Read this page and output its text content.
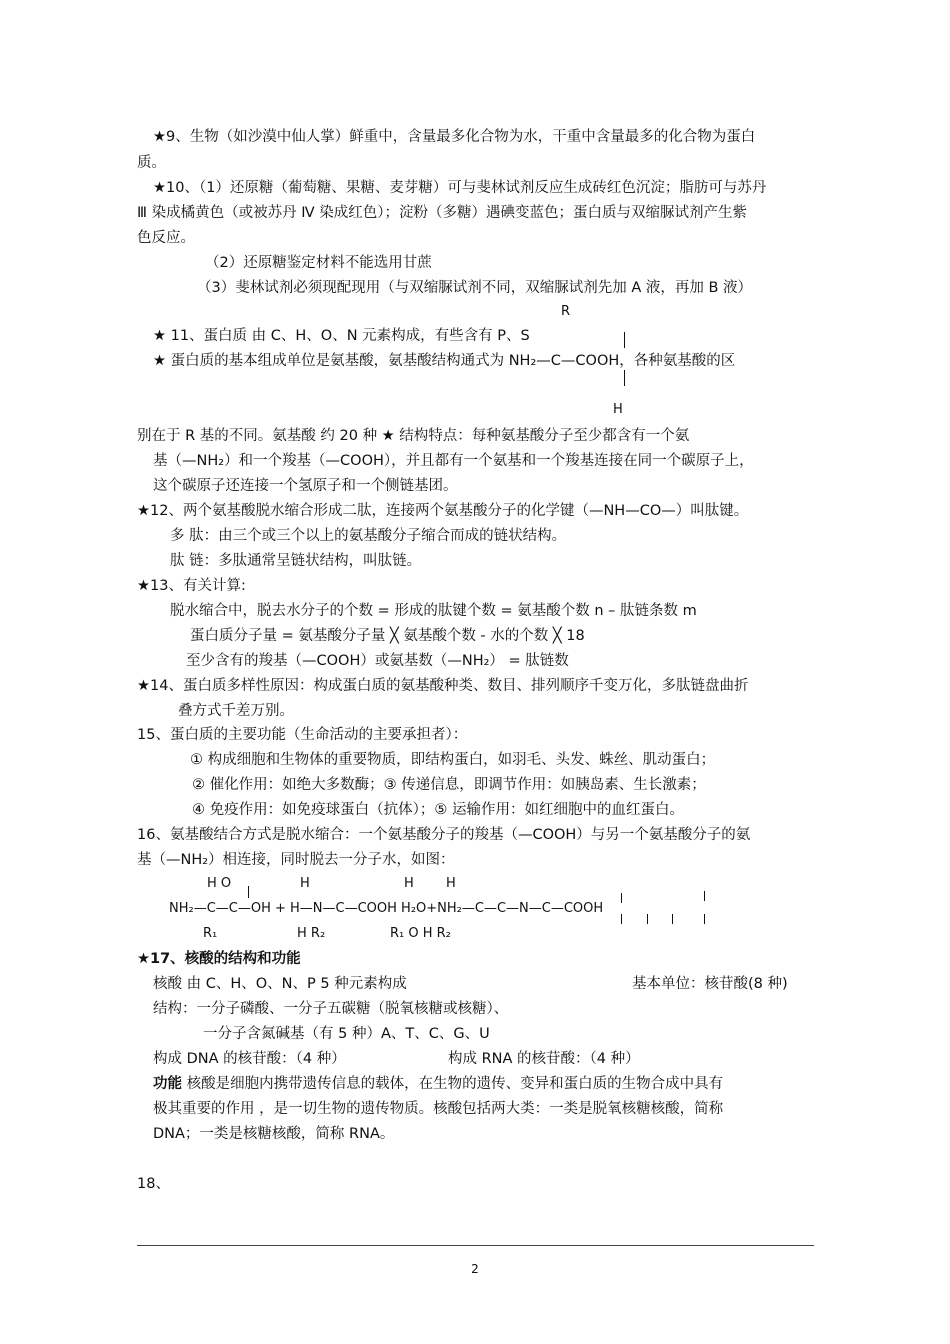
★9、生物（如沙漠中仙人掌）鲜重中，含量最多化合物为水，干重中含量最多的化合物为蛋白
质。
★10、（1）还原糖（葡萄糖、果糖、麦芽糖）可与斐林试剂反应生成砖红色沉淀；脂肪可与苏丹
Ⅲ 染成橘黄色（或被苏丹 Ⅳ 染成红色）；淀粉（多糖）遇碘变蓝色；蛋白质与双缩脲试剂产生紫
色反应。
（2）还原糖鉴定材料不能选用甘蔗
（3）斐林试剂必须现配现用（与双缩脲试剂不同，双缩脲试剂先加 A 液，再加 B 液）
R
★ 11、蛋白质 由 C、H、O、N 元素构成，有些含有 P、S
★ 蛋白质的基本组成单位是氨基酸，氨基酸结构通式为 NH₂—C—COOH，各种氨基酸的区
H
别在于 R 基的不同。氨基酸 约 20 种 ★ 结构特点：每种氨基酸分子至少都含有一个氨
基（—NH₂）和一个羧基（—COOH），并且都有一个氨基和一个羧基连接在同一个碳原子上，
这个碳原子还连接一个氢原子和一个侧链基团。
★12、两个氨基酸脱水缩合形成二肽，连接两个氨基酸分子的化学键（—NH—CO—）叫肽键。
多 肽：由三个或三个以上的氨基酸分子缩合而成的链状结构。
肽 链：多肽通常呈链状结构，叫肽链。
★13、有关计算:
脱水缩合中，脱去水分子的个数 = 形成的肽键个数 = 氨基酸个数 n – 肽链条数 m
蛋白质分子量 = 氨基酸分子量 ╳ 氨基酸个数 - 水的个数 ╳ 18
至少含有的羧基（—COOH）或氨基数（—NH₂） = 肽链数
★14、蛋白质多样性原因：构成蛋白质的氨基酸种类、数目、排列顺序千变万化，多肽链盘曲折
叠方式千差万别。
15、蛋白质的主要功能（生命活动的主要承担者）：
① 构成细胞和生物体的重要物质，即结构蛋白，如羽毛、头发、蛛丝、肌动蛋白；
② 催化作用：如绝大多数酶；③ 传递信息，即调节作用：如胰岛素、生长激素；
④ 免疫作用：如免疫球蛋白（抗体）；⑤ 运输作用：如红细胞中的血红蛋白。
16、氨基酸结合方式是脱水缩合：一个氨基酸分子的羧基（—COOH）与另一个氨基酸分子的氨
基（—NH₂）相连接，同时脱去一分子水，如图：
H O	H	H H
NH₂—C—C—OH + H—N—C—COOH H₂O+NH₂—C—C—N—C—COOH
R₁	H R₂	R₁ O H R₂
★17、核酸的结构和功能
核酸 由 C、H、O、N、P 5 种元素构成	基本单位：核苷酸(8 种)
结构：一分子磷酸、一分子五碳糖（脱氧核糖或核糖）、
一分子含氮碱基（有 5 种）A、T、C、G、U
构成 DNA 的核苷酸：（4 种）	构成 RNA 的核苷酸：（4 种）
功能 核酸是细胞内携带遗传信息的载体，在生物的遗传、变异和蛋白质的生物合成中具有
极其重要的作用 ，是一切生物的遗传物质。核酸包括两大类：一类是脱氧核糖核酸，简称
DNA；一类是核糖核酸，简称 RNA。
18、
2
